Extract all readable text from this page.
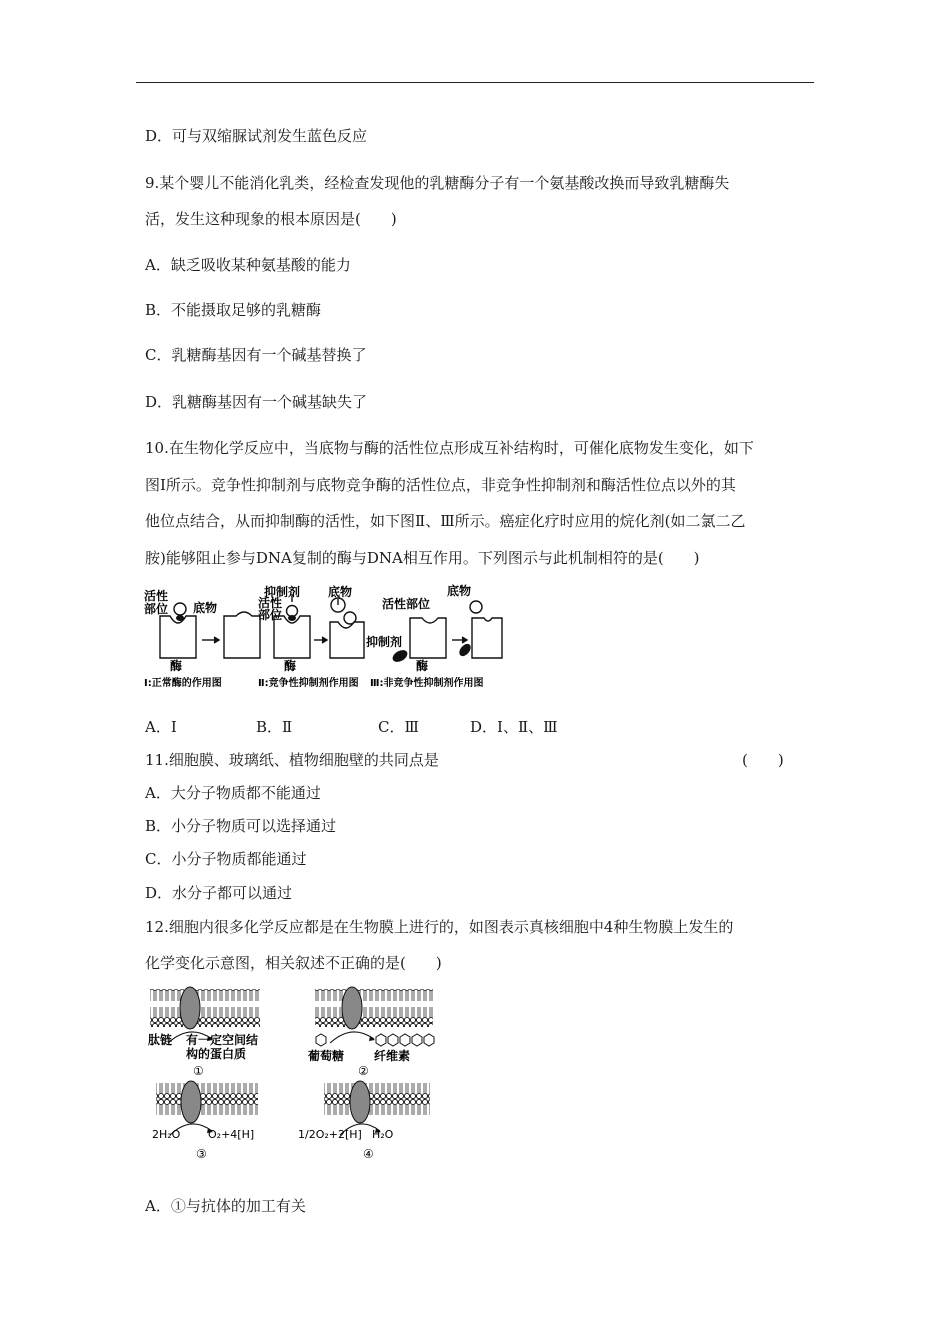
D．可与双缩脲试剂发生蓝色反应
9.某个婴儿不能消化乳类，经检查发现他的乳糖酶分子有一个氨基酸改换而导致乳糖酶失
活，发生这种现象的根本原因是(　　)
A．缺乏吸收某种氨基酸的能力
B．不能摄取足够的乳糖酶
C．乳糖酶基因有一个碱基替换了
D．乳糖酶基因有一个碱基缺失了
10.在生物化学反应中，当底物与酶的活性位点形成互补结构时，可催化底物发生变化，如下
图Ⅰ所示。竞争性抑制剂与底物竞争酶的活性位点，非竞争性抑制剂和酶活性位点以外的其
他位点结合，从而抑制酶的活性，如下图Ⅱ、Ⅲ所示。癌症化疗时应用的烷化剂(如二氯二乙
胺)能够阻止参与DNA复制的酶与DNA相互作用。下列图示与此机制相符的是(　　)
活性
部位 底物
酶
抑制剂
活性
部位
底物
酶
活性部位
底物
抑制剂
酶
Ⅰ:正常酶的作用图	Ⅱ:竞争性抑制剂作用图 Ⅲ:非竞争性抑制剂作用图
A．Ⅰ	B．Ⅱ	C．Ⅲ	D．Ⅰ、Ⅱ、Ⅲ
11.细胞膜、玻璃纸、植物细胞壁的共同点是	(　　)
A．大分子物质都不能通过
B．小分子物质可以选择通过
C．小分子物质都能通过
D．水分子都可以通过
12.细胞内很多化学反应都是在生物膜上进行的，如图表示真核细胞中4种生物膜上发生的
化学变化示意图，相关叙述不正确的是(　　)
肽链 有一定空间结
构的蛋白质
①
葡萄糖 纤维素
②
2H₂O	O₂+4[H]
③
1/2O₂+2[H] H₂O
④
A．①与抗体的加工有关
